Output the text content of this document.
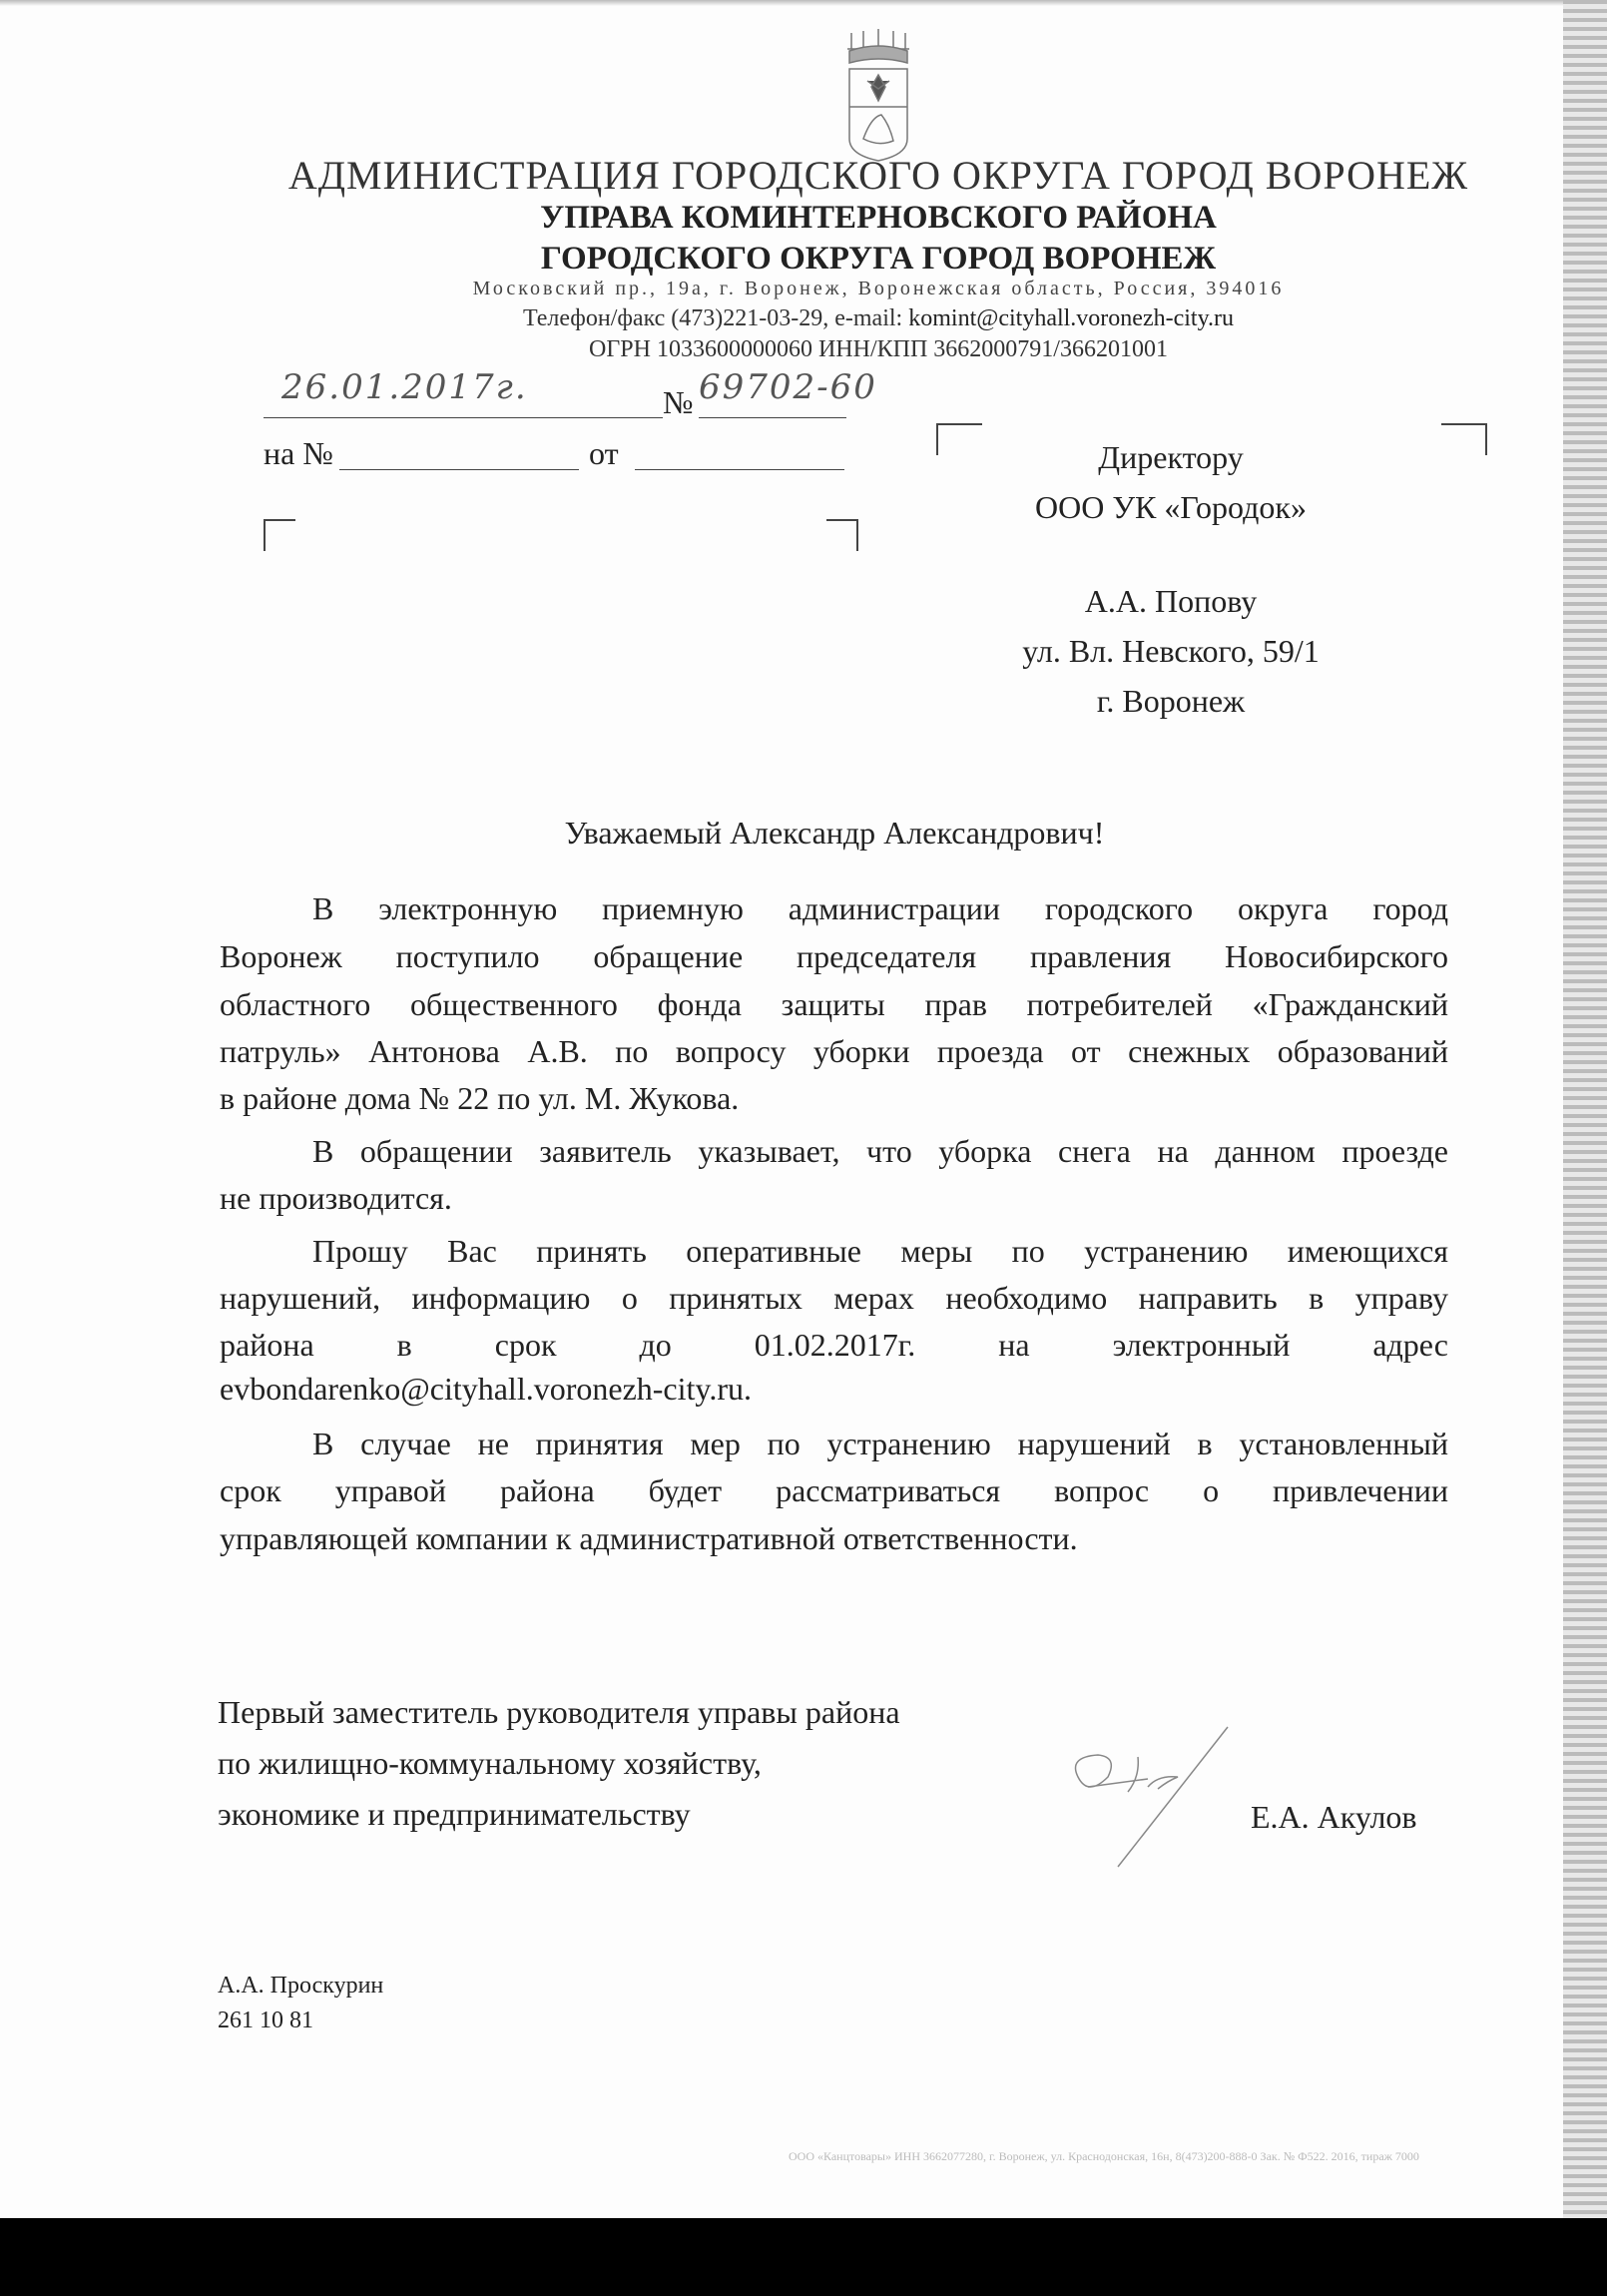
АДМИНИСТРАЦИЯ ГОРОДСКОГО ОКРУГА ГОРОД ВОРОНЕЖ
УПРАВА КОМИНТЕРНОВСКОГО РАЙОНА
ГОРОДСКОГО ОКРУГА ГОРОД ВОРОНЕЖ
Московский пр., 19а, г. Воронеж, Воронежская область, Россия, 394016
Телефон/факс (473)221-03-29, e-mail: komint@cityhall.voronezh-city.ru
ОГРН 1033600000060 ИНН/КПП 3662000791/366201001
26.01.2017г.	№ 69702-60
на №	от	Директору
ООО УК «Городок»
А.А. Попову
ул. Вл. Невского, 59/1
г. Воронеж
Уважаемый Александр Александрович!
В электронную приемную администрации городского округа город
Воронеж поступило обращение председателя правления Новосибирского
областного общественного фонда защиты прав потребителей «Гражданский
патруль» Антонова А.В. по вопросу уборки проезда от снежных образований
в районе дома № 22 по ул. М. Жукова.
В обращении заявитель указывает, что уборка снега на данном проезде
не производится.
Прошу Вас принять оперативные меры по устранению имеющихся
нарушений, информацию о принятых мерах необходимо направить в управу
района в срок до 01.02.2017г. на электронный адрес
evbondarenko@cityhall.voronezh-city.ru.
В случае не принятия мер по устранению нарушений в установленный
срок управой района будет рассматриваться вопрос о привлечении
управляющей компании к административной ответственности.
Первый заместитель руководителя управы района
по жилищно-коммунальному хозяйству,
экономике и предпринимательству	Е.А. Акулов
А.А. Проскурин
261 10 81
ООО «Канцтовары» ИНН 3662077280, г. Воронеж, ул. Краснодонская, 16н, 8(473)200-888-0 Зак. № Ф522. 2016, тираж 7000
